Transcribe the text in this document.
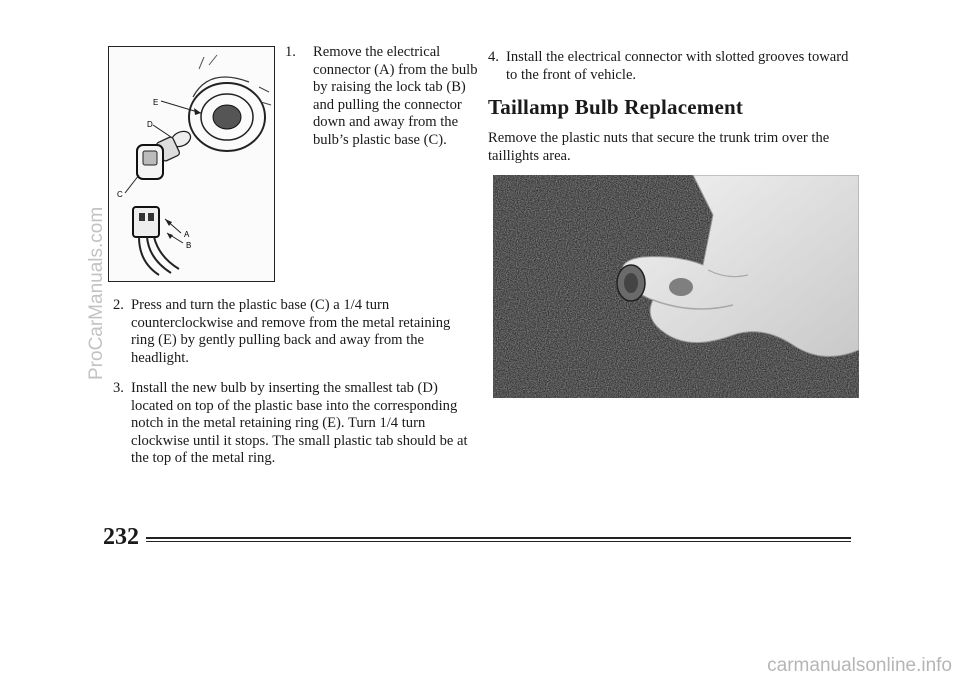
E
D
C
A
B
1.	Remove the electrical connector (A) from the bulb by raising the lock tab (B) and pulling the connector down and away from the bulb’s plastic base (C).
2. Press and turn the plastic base (C) a 1/4 turn counterclockwise and remove from the metal retaining ring (E) by gently pulling back and away from the headlight.
3. Install the new bulb by inserting the smallest tab (D) located on top of the plastic base into the corresponding notch in the metal retaining ring (E). Turn 1/4 turn clockwise until it stops. The small plastic tab should be at the top of the metal ring.
4. Install the electrical connector with slotted grooves toward to the front of vehicle.
Taillamp Bulb Replacement

Remove the plastic nuts that secure the trunk trim over the taillights area.

232

ProCarManuals.com

carmanualsonline.info
